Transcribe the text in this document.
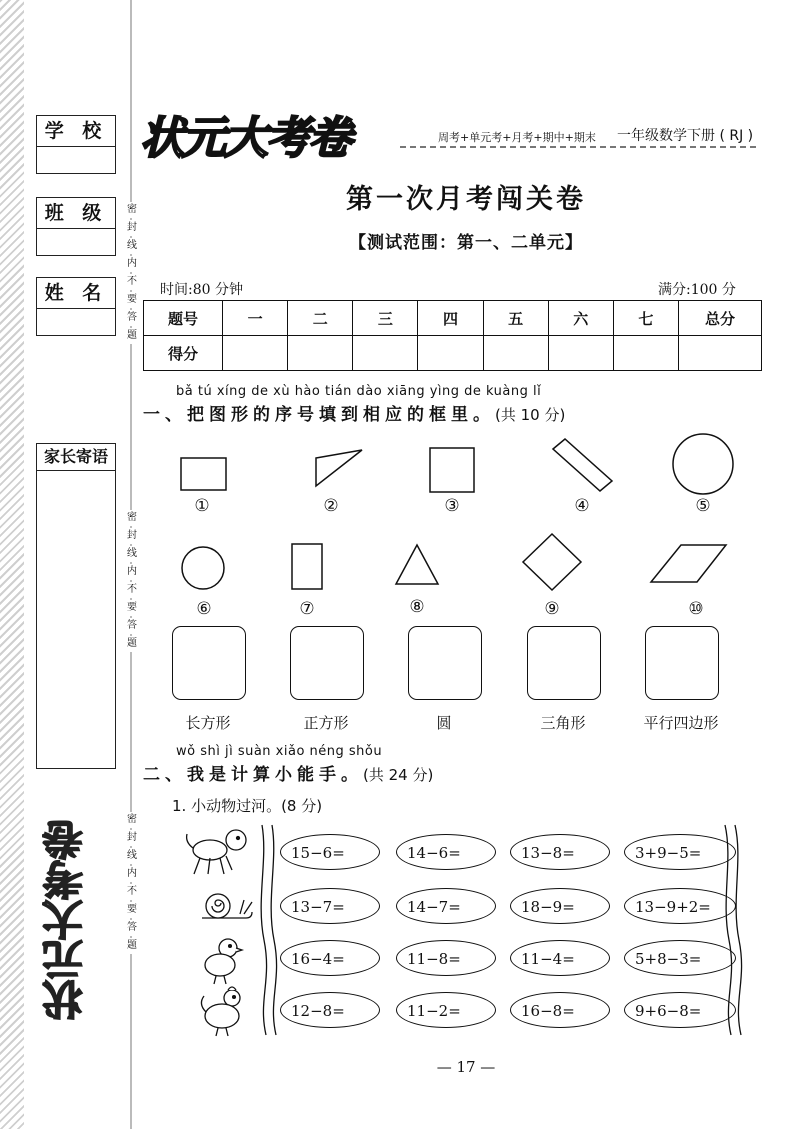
学 校
班 级
姓 名
家长寄语
状元大考卷
密
封
线
内
不
要
答
题
密
封
线
内
不
要
答
题
密
封
线
内
不
要
答
题
状元大考卷	周考+单元考+月考+期中+期末 一年级数学下册 ( RJ )
第一次月考闯关卷
【测试范围：第一、二单元】
时间:80 分钟	满分:100 分
题号	一	二	三	四	五	六	七	总分
得分								
bǎ tú xíng de xù hào tián dào xiāng yìng de kuàng lǐ
一、把图形的序号填到相应的框里。(共 10 分)
①	②	③	④	⑤
⑥	⑦	⑧	⑨	⑩
长方形	正方形	圆	三角形	平行四边形
wǒ shì jì suàn xiǎo néng shǒu
二、我是计算小能手。(共 24 分)
1. 小动物过河。(8 分)
15−6=	14−6=	13−8=	3+9−5=
13−7=	14−7=	18−9=	13−9+2=
16−4=	11−8=	11−4=	5+8−3=
12−8=	11−2=	16−8=	9+6−8=
— 17 —
